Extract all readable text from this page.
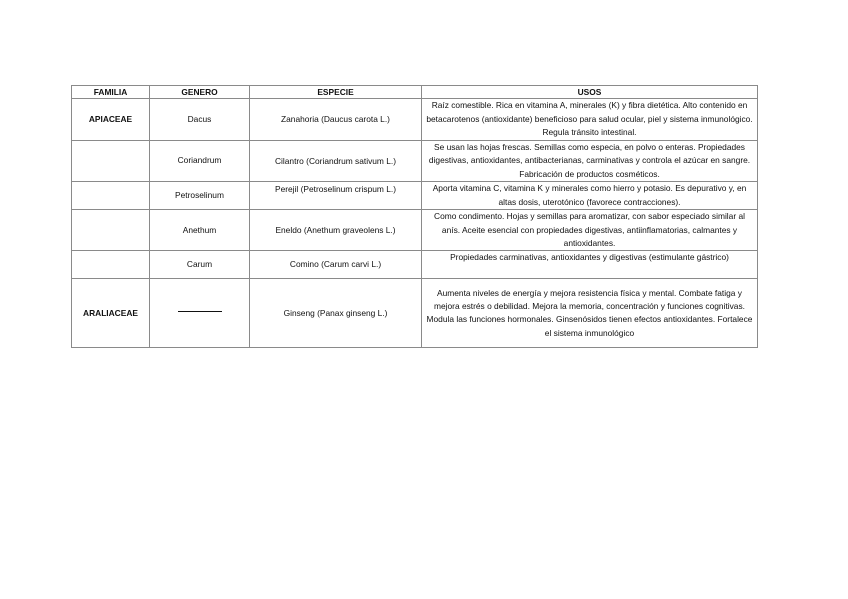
FAMILIA	GENERO	ESPECIE	USOS
APIACEAE	Dacus	Zanahoria (Daucus carota L.)	Raíz comestible. Rica en vitamina A, minerales (K) y fibra dietética. Alto contenido en betacarotenos (antioxidante) beneficioso para salud ocular, piel y sistema inmunológico. Regula tránsito intestinal.
	Coriandrum	Cilantro (Coriandrum sativum L.)	Se usan las hojas frescas. Semillas como especia, en polvo o enteras. Propiedades digestivas, antioxidantes, antibacterianas, carminativas y controla el azúcar en sangre. Fabricación de productos cosméticos.
	Petroselinum	Perejil (Petroselinum crispum L.)	Aporta vitamina C, vitamina K y minerales como hierro y potasio. Es depurativo y, en altas dosis, uterotónico (favorece contracciones).
	Anethum	Eneldo (Anethum graveolens L.)	Como condimento. Hojas y semillas para aromatizar, con sabor especiado similar al anís. Aceite esencial con propiedades digestivas, antiinflamatorias, calmantes y antioxidantes.
	Carum	Comino (Carum carvi L.)	Propiedades carminativas, antioxidantes y digestivas (estimulante gástrico)
ARALIACEAE		Ginseng (Panax ginseng L.)	Aumenta niveles de energía y mejora resistencia física y mental. Combate fatiga y mejora estrés o debilidad. Mejora la memoria, concentración y funciones cognitivas. Modula las funciones hormonales. Ginsenósidos tienen efectos antioxidantes. Fortalece el sistema inmunológico
